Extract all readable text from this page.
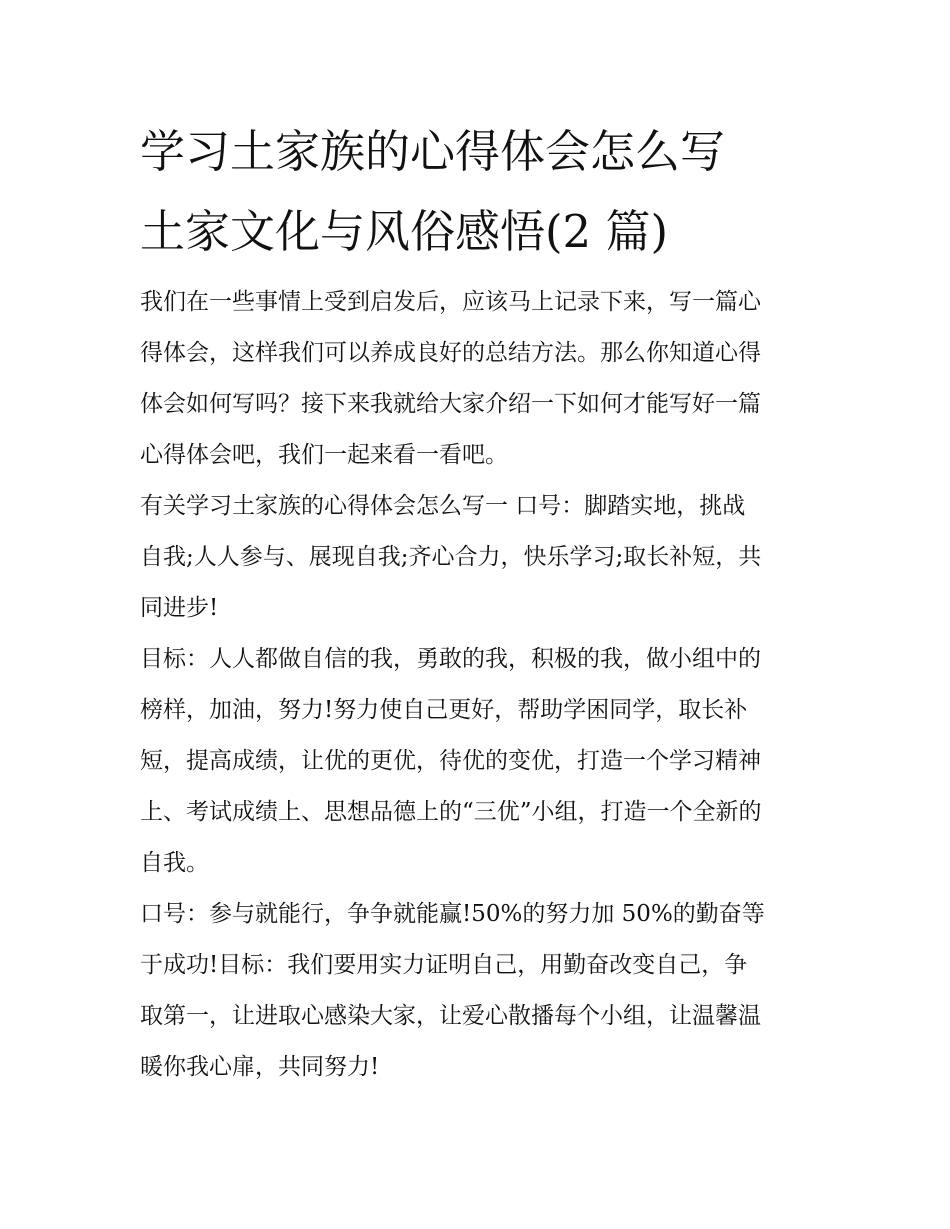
学习土家族的心得体会怎么写
土家文化与风俗感悟(2 篇)

我们在一些事情上受到启发后，应该马上记录下来，写一篇心
得体会，这样我们可以养成良好的总结方法。那么你知道心得
体会如何写吗？接下来我就给大家介绍一下如何才能写好一篇
心得体会吧，我们一起来看一看吧。

有关学习土家族的心得体会怎么写一 口号：脚踏实地，挑战
自我;人人参与、展现自我;齐心合力，快乐学习;取长补短，共
同进步!

目标：人人都做自信的我，勇敢的我，积极的我，做小组中的
榜样，加油，努力!努力使自己更好，帮助学困同学，取长补
短，提高成绩，让优的更优，待优的变优，打造一个学习精神
上、考试成绩上、思想品德上的“三优”小组，打造一个全新的
自我。

口号：参与就能行，争争就能赢!50%的努力加 50%的勤奋等
于成功!目标：我们要用实力证明自己，用勤奋改变自己，争
取第一，让进取心感染大家，让爱心散播每个小组，让温馨温
暖你我心扉，共同努力!
